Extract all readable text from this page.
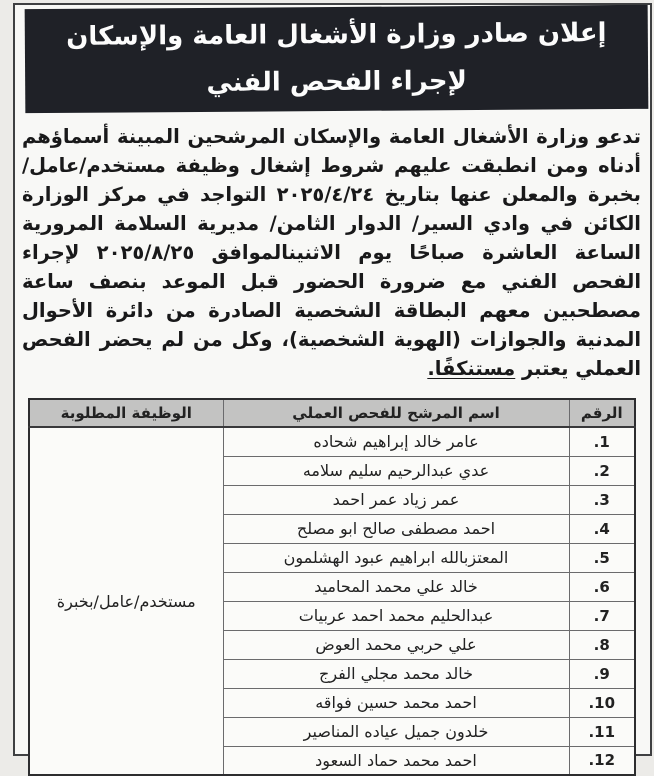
إعلان صادر وزارة الأشغال العامة والإسكان
لإجراء الفحص الفني

تدعو وزارة الأشغال العامة والإسكان المرشحين المبينة أسماؤهم أدناه ومن انطبقت عليهم شروط إشغال وظيفة مستخدم/عامل/ بخبرة والمعلن عنها بتاريخ ٢٠٢٥/٤/٢٤ التواجد في مركز الوزارة الكائن في وادي السير/ الدوار الثامن/ مديرية السلامة المرورية الساعة العاشرة صباحًا يوم الاثنينالموافق ٢٠٢٥/٨/٢٥ لإجراء الفحص الفني مع ضرورة الحضور قبل الموعد بنصف ساعة مصطحبين معهم البطاقة الشخصية الصادرة من دائرة الأحوال المدنية والجوازات (الهوية الشخصية)، وكل من لم يحضر الفحص العملي يعتبر مستنكفًا.

الرقم	اسم المرشح للفحص العملي	الوظيفة المطلوبة
1.	عامر خالد إبراهيم شحاده	مستخدم/عامل/بخبرة
2.	عدي عبدالرحيم سليم سلامه	
3.	عمر زياد عمر احمد	
4.	احمد مصطفى صالح ابو مصلح	
5.	المعتزبالله ابراهيم عبود الهشلمون	
6.	خالد علي محمد المحاميد	
7.	عبدالحليم محمد احمد عربيات	
8.	علي حربي محمد العوض	
9.	خالد محمد مجلي الفرج	
10.	احمد محمد حسين فواقه	
11.	خلدون جميل عياده المناصير	
12.	احمد محمد حماد السعود	
